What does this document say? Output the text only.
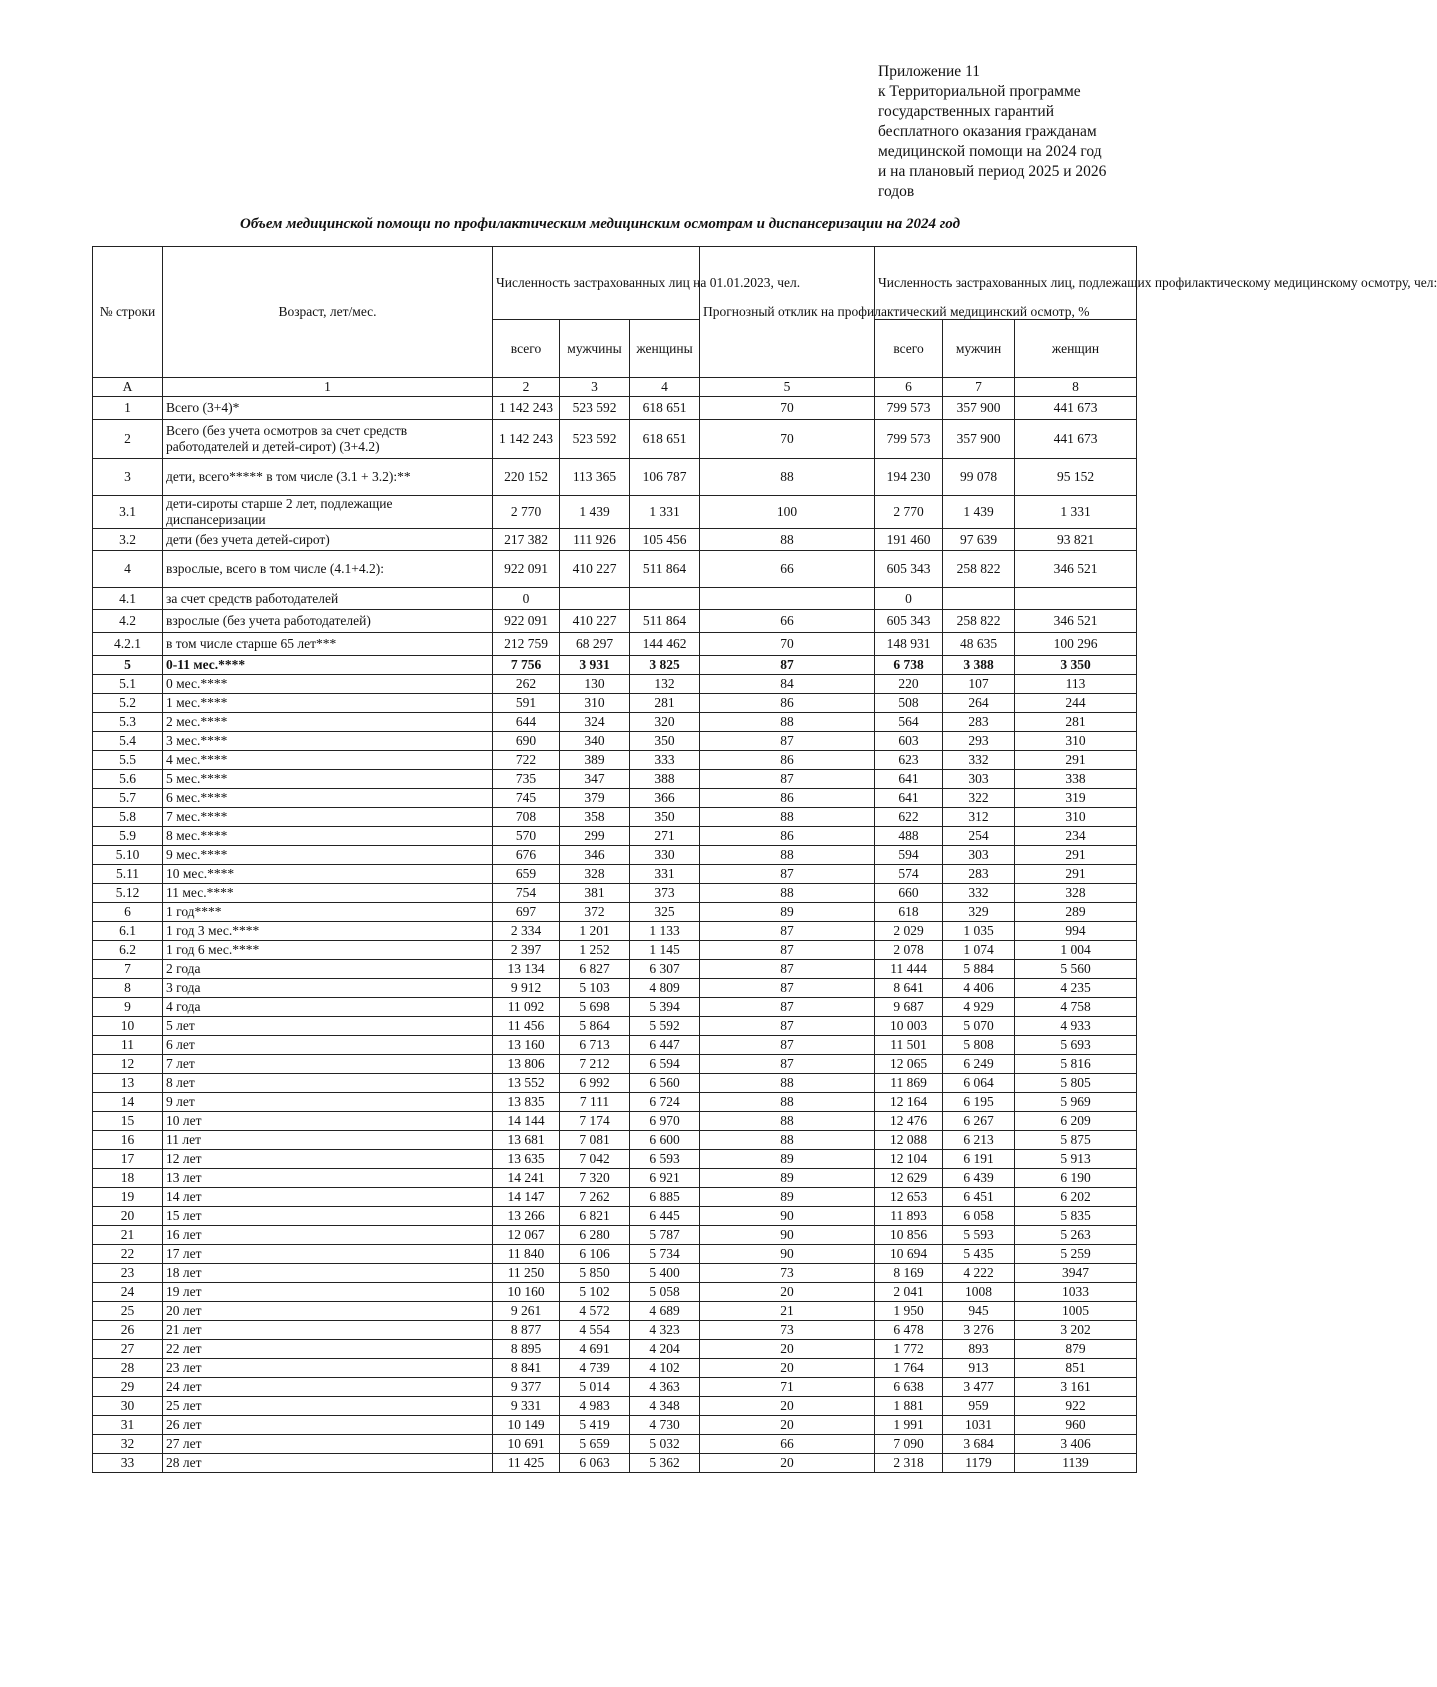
Приложение 11
к Территориальной программе
государственных гарантий
бесплатного оказания гражданам
медицинской помощи на 2024 год
и на плановый период 2025 и 2026
годов
Объем медицинской помощи по профилактическим медицинским осмотрам и диспансеризации на 2024 год
№ строки	Возраст, лет/мес.	Численность застрахованных лиц на 01.01.2023, чел.			Прогнозный отклик на профилактический медицинский осмотр, %	Численность застрахованных лиц, подлежащих профилактическому медицинскому осмотру, чел:		
		всего	мужчины	женщины		всего	мужчин	женщин
А	1	2	3	4	5	6	7	8
1	Всего (3+4)*	1 142 243	523 592	618 651	70	799 573	357 900	441 673
2	Всего (без учета осмотров за счет средств работодателей и детей-сирот) (3+4.2)	1 142 243	523 592	618 651	70	799 573	357 900	441 673
3	дети, всего***** в том числе (3.1 + 3.2):**	220 152	113 365	106 787	88	194 230	99 078	95 152
3.1	дети-сироты старше 2 лет, подлежащие диспансеризации	2 770	1 439	1 331	100	2 770	1 439	1 331
3.2	дети (без учета детей-сирот)	217 382	111 926	105 456	88	191 460	97 639	93 821
4	взрослые, всего в том числе (4.1+4.2):	922 091	410 227	511 864	66	605 343	258 822	346 521
4.1	за счет средств работодателей	0				0		
4.2	взрослые (без учета работодателей)	922 091	410 227	511 864	66	605 343	258 822	346 521
4.2.1	в том числе старше 65 лет***	212 759	68 297	144 462	70	148 931	48 635	100 296
5	0-11 мес.****	7 756	3 931	3 825	87	6 738	3 388	3 350
5.1	0 мес.****	262	130	132	84	220	107	113
5.2	1 мес.****	591	310	281	86	508	264	244
5.3	2 мес.****	644	324	320	88	564	283	281
5.4	3 мес.****	690	340	350	87	603	293	310
5.5	4 мес.****	722	389	333	86	623	332	291
5.6	5 мес.****	735	347	388	87	641	303	338
5.7	6 мес.****	745	379	366	86	641	322	319
5.8	7 мес.****	708	358	350	88	622	312	310
5.9	8 мес.****	570	299	271	86	488	254	234
5.10	9 мес.****	676	346	330	88	594	303	291
5.11	10 мес.****	659	328	331	87	574	283	291
5.12	11 мес.****	754	381	373	88	660	332	328
6	1 год****	697	372	325	89	618	329	289
6.1	1 год 3 мес.****	2 334	1 201	1 133	87	2 029	1 035	994
6.2	1 год 6 мес.****	2 397	1 252	1 145	87	2 078	1 074	1 004
7	2 года	13 134	6 827	6 307	87	11 444	5 884	5 560
8	3 года	9 912	5 103	4 809	87	8 641	4 406	4 235
9	4 года	11 092	5 698	5 394	87	9 687	4 929	4 758
10	5 лет	11 456	5 864	5 592	87	10 003	5 070	4 933
11	6 лет	13 160	6 713	6 447	87	11 501	5 808	5 693
12	7 лет	13 806	7 212	6 594	87	12 065	6 249	5 816
13	8 лет	13 552	6 992	6 560	88	11 869	6 064	5 805
14	9 лет	13 835	7 111	6 724	88	12 164	6 195	5 969
15	10 лет	14 144	7 174	6 970	88	12 476	6 267	6 209
16	11 лет	13 681	7 081	6 600	88	12 088	6 213	5 875
17	12 лет	13 635	7 042	6 593	89	12 104	6 191	5 913
18	13 лет	14 241	7 320	6 921	89	12 629	6 439	6 190
19	14 лет	14 147	7 262	6 885	89	12 653	6 451	6 202
20	15 лет	13 266	6 821	6 445	90	11 893	6 058	5 835
21	16 лет	12 067	6 280	5 787	90	10 856	5 593	5 263
22	17 лет	11 840	6 106	5 734	90	10 694	5 435	5 259
23	18 лет	11 250	5 850	5 400	73	8 169	4 222	3947
24	19 лет	10 160	5 102	5 058	20	2 041	1008	1033
25	20 лет	9 261	4 572	4 689	21	1 950	945	1005
26	21 лет	8 877	4 554	4 323	73	6 478	3 276	3 202
27	22 лет	8 895	4 691	4 204	20	1 772	893	879
28	23 лет	8 841	4 739	4 102	20	1 764	913	851
29	24 лет	9 377	5 014	4 363	71	6 638	3 477	3 161
30	25 лет	9 331	4 983	4 348	20	1 881	959	922
31	26 лет	10 149	5 419	4 730	20	1 991	1031	960
32	27 лет	10 691	5 659	5 032	66	7 090	3 684	3 406
33	28 лет	11 425	6 063	5 362	20	2 318	1179	1139
